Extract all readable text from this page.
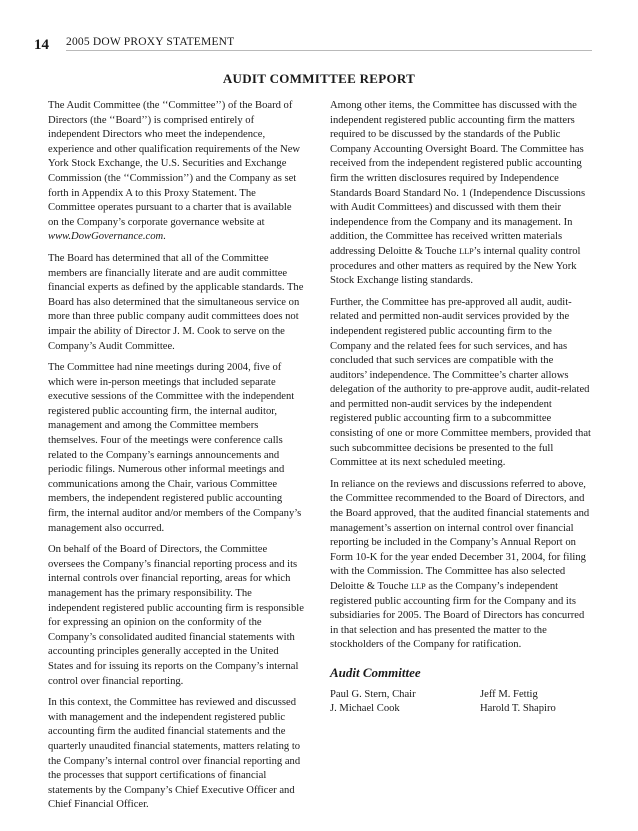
14 2005 DOW PROXY STATEMENT
AUDIT COMMITTEE REPORT

The Audit Committee (the ‘‘Committee’’) of the Board of Directors (the ‘‘Board’’) is comprised entirely of independent Directors who meet the independence, experience and other qualification requirements of the New York Stock Exchange, the U.S. Securities and Exchange Commission (the ‘‘Commission’’) and the Company as set forth in Appendix A to this Proxy Statement. The Committee operates pursuant to a charter that is available on the Company’s corporate governance website at www.DowGovernance.com.

The Board has determined that all of the Committee members are financially literate and are audit committee financial experts as defined by the applicable standards. The Board has also determined that the simultaneous service on more than three public company audit committees does not impair the ability of Director J. M. Cook to serve on the Company’s Audit Committee.

The Committee had nine meetings during 2004, five of which were in-person meetings that included separate executive sessions of the Committee with the independent registered public accounting firm, the internal auditor, management and among the Committee members themselves. Four of the meetings were conference calls related to the Company’s earnings announcements and periodic filings. Numerous other informal meetings and communications among the Chair, various Committee members, the independent registered public accounting firm, the internal auditor and/or members of the Company’s management also occurred.

On behalf of the Board of Directors, the Committee oversees the Company’s financial reporting process and its internal controls over financial reporting, areas for which management has the primary responsibility. The independent registered public accounting firm is responsible for expressing an opinion on the conformity of the Company’s consolidated audited financial statements with accounting principles generally accepted in the United States and for issuing its reports on the Company’s internal control over financial reporting.

In this context, the Committee has reviewed and discussed with management and the independent registered public accounting firm the audited financial statements and the quarterly unaudited financial statements, matters relating to the Company’s internal control over financial reporting and the processes that support certifications of financial statements by the Company’s Chief Executive Officer and Chief Financial Officer.

Among other items, the Committee has discussed with the independent registered public accounting firm the matters required to be discussed by the standards of the Public Company Accounting Oversight Board. The Committee has received from the independent registered public accounting firm the written disclosures required by Independence Standards Board Standard No. 1 (Independence Discussions with Audit Committees) and discussed with them their independence from the Company and its management. In addition, the Committee has received written materials addressing Deloitte & Touche LLP’s internal quality control procedures and other matters as required by the New York Stock Exchange listing standards.

Further, the Committee has pre-approved all audit, audit-related and permitted non-audit services provided by the independent registered public accounting firm to the Company and the related fees for such services, and has concluded that such services are compatible with the auditors’ independence. The Committee’s charter allows delegation of the authority to pre-approve audit, audit-related and permitted non-audit services by the independent registered public accounting firm to a subcommittee consisting of one or more Committee members, provided that such subcommittee decisions be presented to the full Committee at its next scheduled meeting.

In reliance on the reviews and discussions referred to above, the Committee recommended to the Board of Directors, and the Board approved, that the audited financial statements and management’s assertion on internal control over financial reporting be included in the Company’s Annual Report on Form 10-K for the year ended December 31, 2004, for filing with the Commission. The Committee has also selected Deloitte & Touche LLP as the Company’s independent registered public accounting firm for the Company and its subsidiaries for 2005. The Board of Directors has concurred in that selection and has presented the matter to the stockholders of the Company for ratification.

Audit Committee
Paul G. Stern, Chair	Jeff M. Fettig
J. Michael Cook	Harold T. Shapiro
